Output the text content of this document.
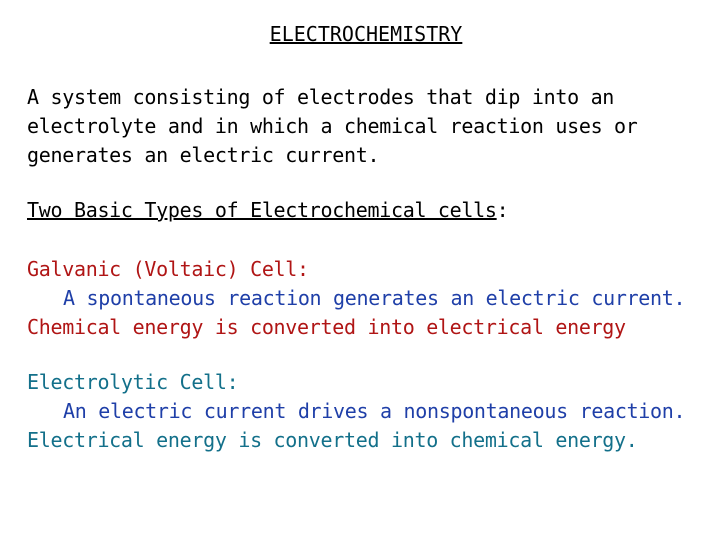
ELECTROCHEMISTRY
A system consisting of electrodes that dip into an
electrolyte and in which a chemical reaction uses or
generates an electric current.
Two Basic Types of Electrochemical cells:
Galvanic (Voltaic) Cell:
A spontaneous reaction generates an electric current.
Chemical energy is converted into electrical energy
Electrolytic Cell:
An electric current drives a nonspontaneous reaction.
Electrical energy is converted into chemical energy.
